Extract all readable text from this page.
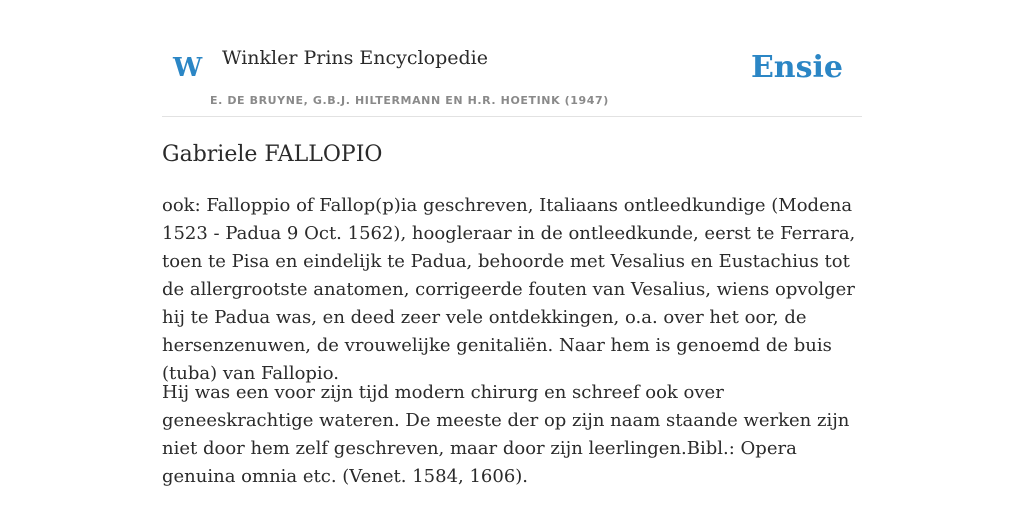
W Winkler Prins Encyclopedie
E. DE BRUYNE, G.B.J. HILTERMANN EN H.R. HOETINK (1947)
Ensie
Gabriele FALLOPIO

ook: Falloppio of Fallop(p)ia geschreven, Italiaans ontleedkundige (Modena 1523 - Padua 9 Oct. 1562), hoogleraar in de ontleedkunde, eerst te Ferrara, toen te Pisa en eindelijk te Padua, behoorde met Vesalius en Eustachius tot de allergrootste anatomen, corrigeerde fouten van Vesalius, wiens opvolger hij te Padua was, en deed zeer vele ontdekkingen, o.a. over het oor, de hersenzenuwen, de vrouwelijke genitaliën. Naar hem is genoemd de buis (tuba) van Fallopio.

Hij was een voor zijn tijd modern chirurg en schreef ook over geneeskrachtige wateren. De meeste der op zijn naam staande werken zijn niet door hem zelf geschreven, maar door zijn leerlingen.Bibl.: Opera genuina omnia etc. (Venet. 1584, 1606).
